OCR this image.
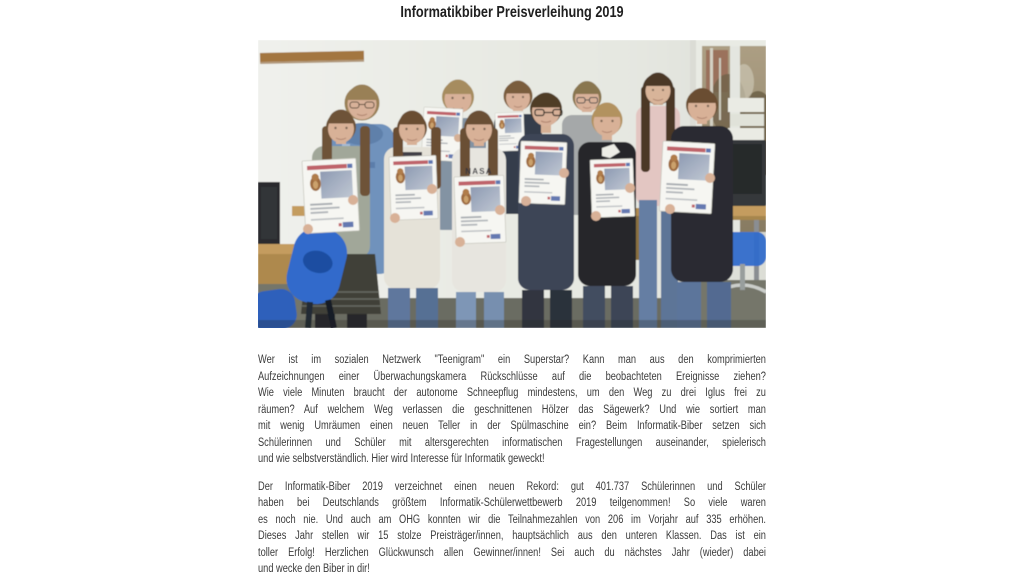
Informatikbiber Preisverleihung 2019
NASA
Wer ist im sozialen Netzwerk "Teenigram" ein Superstar? Kann man aus den komprimierten
Aufzeichnungen einer Überwachungskamera Rückschlüsse auf die beobachteten Ereignisse ziehen?
Wie viele Minuten braucht der autonome Schneepflug mindestens, um den Weg zu drei Iglus frei zu
räumen? Auf welchem Weg verlassen die geschnittenen Hölzer das Sägewerk? Und wie sortiert man
mit wenig Umräumen einen neuen Teller in der Spülmaschine ein? Beim Informatik-Biber setzen sich
Schülerinnen und Schüler mit altersgerechten informatischen Fragestellungen auseinander, spielerisch
und wie selbstverständlich. Hier wird Interesse für Informatik geweckt!
Der Informatik-Biber 2019 verzeichnet einen neuen Rekord: gut 401.737 Schülerinnen und Schüler
haben bei Deutschlands größtem Informatik-Schülerwettbewerb 2019 teilgenommen! So viele waren
es noch nie. Und auch am OHG konnten wir die Teilnahmezahlen von 206 im Vorjahr auf 335 erhöhen.
Dieses Jahr stellen wir 15 stolze Preisträger/innen, hauptsächlich aus den unteren Klassen. Das ist ein
toller Erfolg! Herzlichen Glückwunsch allen Gewinner/innen! Sei auch du nächstes Jahr (wieder) dabei
und wecke den Biber in dir!
